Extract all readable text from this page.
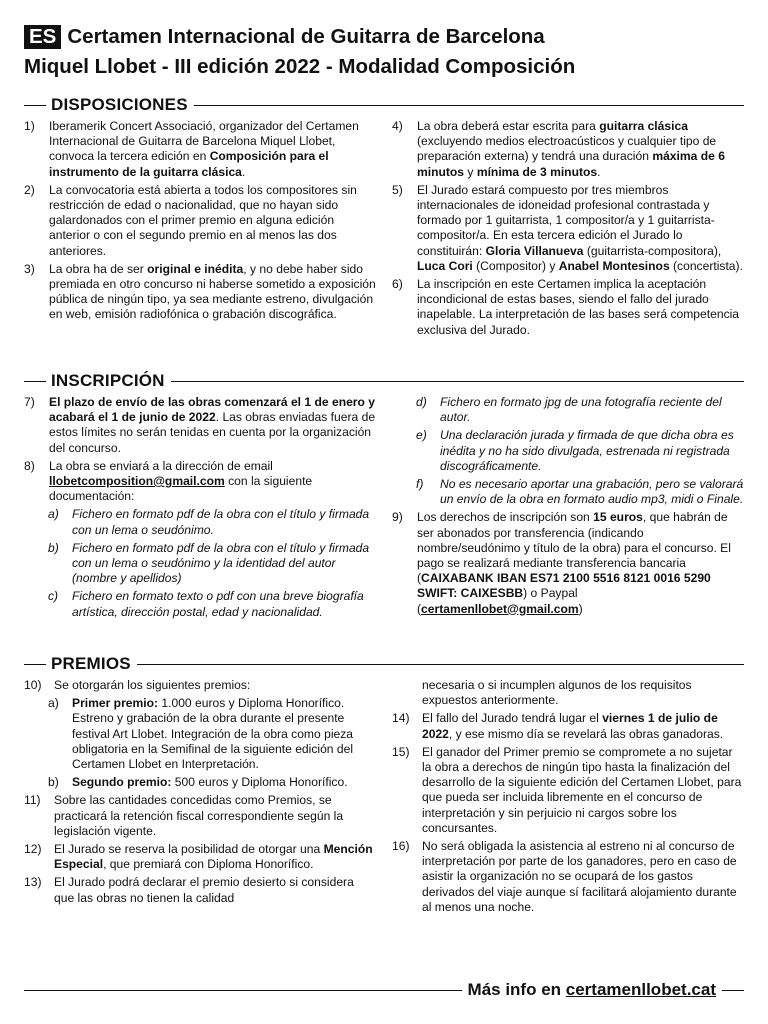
ES Certamen Internacional de Guitarra de Barcelona
Miquel Llobet - III edición 2022 - Modalidad Composición
DISPOSICIONES
1)	Iberamerik Concert Associació, organizador del Certamen Internacional de Guitarra de Barcelona Miquel Llobet, convoca la tercera edición en Composición para el instrumento de la guitarra clásica.
2)	La convocatoria está abierta a todos los compositores sin restricción de edad o nacionalidad, que no hayan sido galardonados con el primer premio en alguna edición anterior o con el segundo premio en al menos las dos anteriores.
3)	La obra ha de ser original e inédita, y no debe haber sido premiada en otro concurso ni haberse sometido a exposición pública de ningún tipo, ya sea mediante estreno, divulgación en web, emisión radiofónica o grabación discográfica.
4)	La obra deberá estar escrita para guitarra clásica (excluyendo medios electroacústicos y cualquier tipo de preparación externa) y tendrá una duración máxima de 6 minutos y mínima de 3 minutos.
5)	El Jurado estará compuesto por tres miembros internacionales de idoneidad profesional contrastada y formado por 1 guitarrista, 1 compositor/a y 1 guitarrista-compositor/a. En esta tercera edición el Jurado lo constituirán: Gloria Villanueva (guitarrista-compositora), Luca Cori (Compositor) y Anabel Montesinos (concertista).
6)	La inscripción en este Certamen implica la aceptación incondicional de estas bases, siendo el fallo del jurado inapelable. La interpretación de las bases será competencia exclusiva del Jurado.
INSCRIPCIÓN
7)	El plazo de envío de las obras comenzará el 1 de enero y acabará el 1 de junio de 2022. Las obras enviadas fuera de estos límites no serán tenidas en cuenta por la organización del concurso.
8)	La obra se enviará a la dirección de email llobetcomposition@gmail.com con la siguiente documentación:
a)	Fichero en formato pdf de la obra con el título y firmada con un lema o seudónimo.
b)	Fichero en formato pdf de la obra con el título y firmada con un lema o seudónimo y la identidad del autor (nombre y apellidos)
c)	Fichero en formato texto o pdf con una breve biografía artística, dirección postal, edad y nacionalidad.
d)	Fichero en formato jpg de una fotografía reciente del autor.
e)	Una declaración jurada y firmada de que dicha obra es inédita y no ha sido divulgada, estrenada ni registrada discográficamente.
f)	No es necesario aportar una grabación, pero se valorará un envío de la obra en formato audio mp3, midi o Finale.
9)	Los derechos de inscripción son 15 euros, que habrán de ser abonados por transferencia (indicando nombre/seudónimo y título de la obra) para el concurso. El pago se realizará mediante transferencia bancaria (CAIXABANK IBAN ES71 2100 5516 8121 0016 5290 SWIFT: CAIXESBB) o Paypal (certamenllobet@gmail.com)
PREMIOS
10)	Se otorgarán los siguientes premios:
a)	Primer premio: 1.000 euros y Diploma Honorífico. Estreno y grabación de la obra durante el presente festival Art Llobet. Integración de la obra como pieza obligatoria en la Semifinal de la siguiente edición del Certamen Llobet en Interpretación.
b)	Segundo premio: 500 euros y Diploma Honorífico.
11)	Sobre las cantidades concedidas como Premios, se practicará la retención fiscal correspondiente según la legislación vigente.
12)	El Jurado se reserva la posibilidad de otorgar una Mención Especial, que premiará con Diploma Honorífico.
13)	El Jurado podrá declarar el premio desierto si considera que las obras no tienen la calidad
necesaria o si incumplen algunos de los requisitos expuestos anteriormente.
14)	El fallo del Jurado tendrá lugar el viernes 1 de julio de 2022, y ese mismo día se revelará las obras ganadoras.
15)	El ganador del Primer premio se compromete a no sujetar la obra a derechos de ningún tipo hasta la finalización del desarrollo de la siguiente edición del Certamen Llobet, para que pueda ser incluida libremente en el concurso de interpretación y sin perjuicio ni cargos sobre los concursantes.
16)	No será obligada la asistencia al estreno ni al concurso de interpretación por parte de los ganadores, pero en caso de asistir la organización no se ocupará de los gastos derivados del viaje aunque sí facilitará alojamiento durante al menos una noche.
Más info en certamenllobet.cat
